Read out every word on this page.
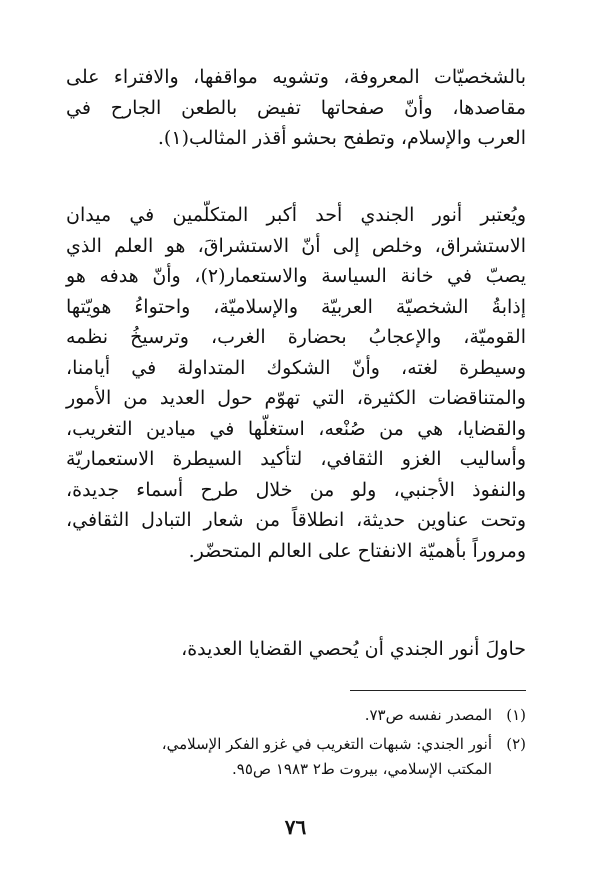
بالشخصيّات المعروفة، وتشويه مواقفها، والافتراء على
مقاصدها، وأنّ صفحاتها تفيض بالطعن الجارح في
العرب والإسلام، وتطفح بحشو أقذر المثالب(١).

ويُعتبر أنور الجندي أحد أكبر المتكلّمين في ميدان
الاستشراق، وخلص إلى أنّ الاستشراقَ، هو العلم الذي
يصبّ في خانة السياسة والاستعمار(٢)، وأنّ هدفه هو
إذابةُ الشخصيّة العربيّة والإسلاميّة، واحتواءُ هويّتها
القوميّة، والإعجابُ بحضارة الغرب، وترسيخُ نظمه
وسيطرة لغته، وأنّ الشكوك المتداولة في أيامنا،
والمتناقضات الكثيرة، التي تهوّم حول العديد من الأمور
والقضايا، هي من صُنْعه، استغلّها في ميادين التغريب،
وأساليب الغزو الثقافي، لتأكيد السيطرة الاستعماريّة
والنفوذ الأجنبي، ولو من خلال طرح أسماء جديدة،
وتحت عناوين حديثة، انطلاقاً من شعار التبادل الثقافي،
ومروراً بأهميّة الانفتاح على العالم المتحضّر.

حاولَ أنور الجندي أن يُحصي القضايا العديدة،

(١)
المصدر نفسه ص٧٣.
(٢)
أنور الجندي: شبهات التغريب في غزو الفكر الإسلامي،
المكتب الإسلامي، بيروت ط٢ ١٩٨٣ ص٩٥.
٧٦
